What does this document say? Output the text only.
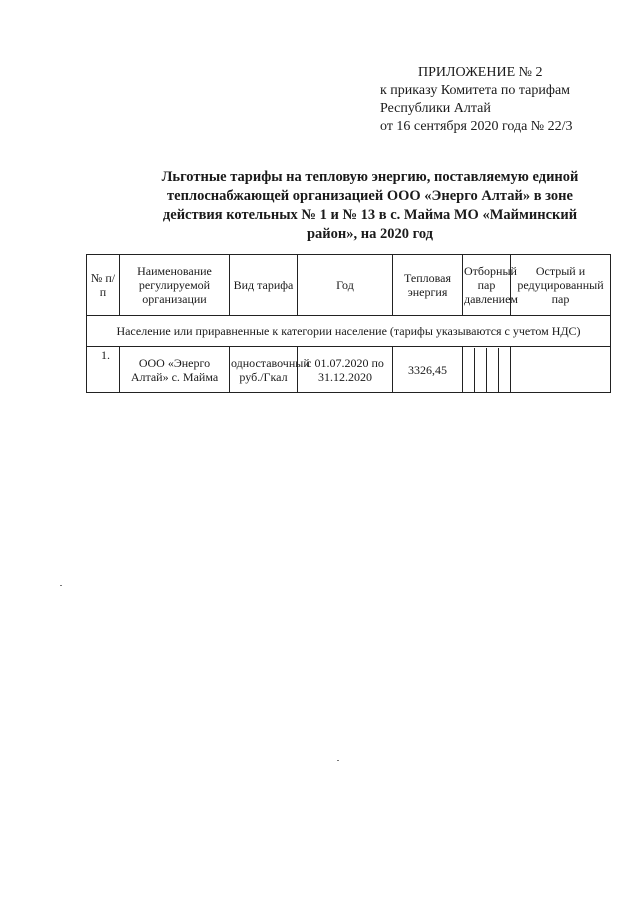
ПРИЛОЖЕНИЕ № 2
к приказу Комитета по тарифам
Республики Алтай
от 16 сентября 2020 года № 22/3
Льготные тарифы на тепловую энергию, поставляемую единой
теплоснабжающей организацией ООО «Энерго Алтай» в зоне
действия котельных № 1 и № 13 в с. Майма МО «Майминский
район», на 2020 год
№ п/п	Наименование регулируемой организации	Вид тарифа	Год	Тепловая энергия	Отборный пар давлением	Острый и редуцированный пар
Население или приравненные к категории население (тарифы указываются с учетом НДС)
1.	ООО «Энерго Алтай» с. Майма	одноставочный руб./Гкал	с 01.07.2020 по 31.12.2020	3326,45	
